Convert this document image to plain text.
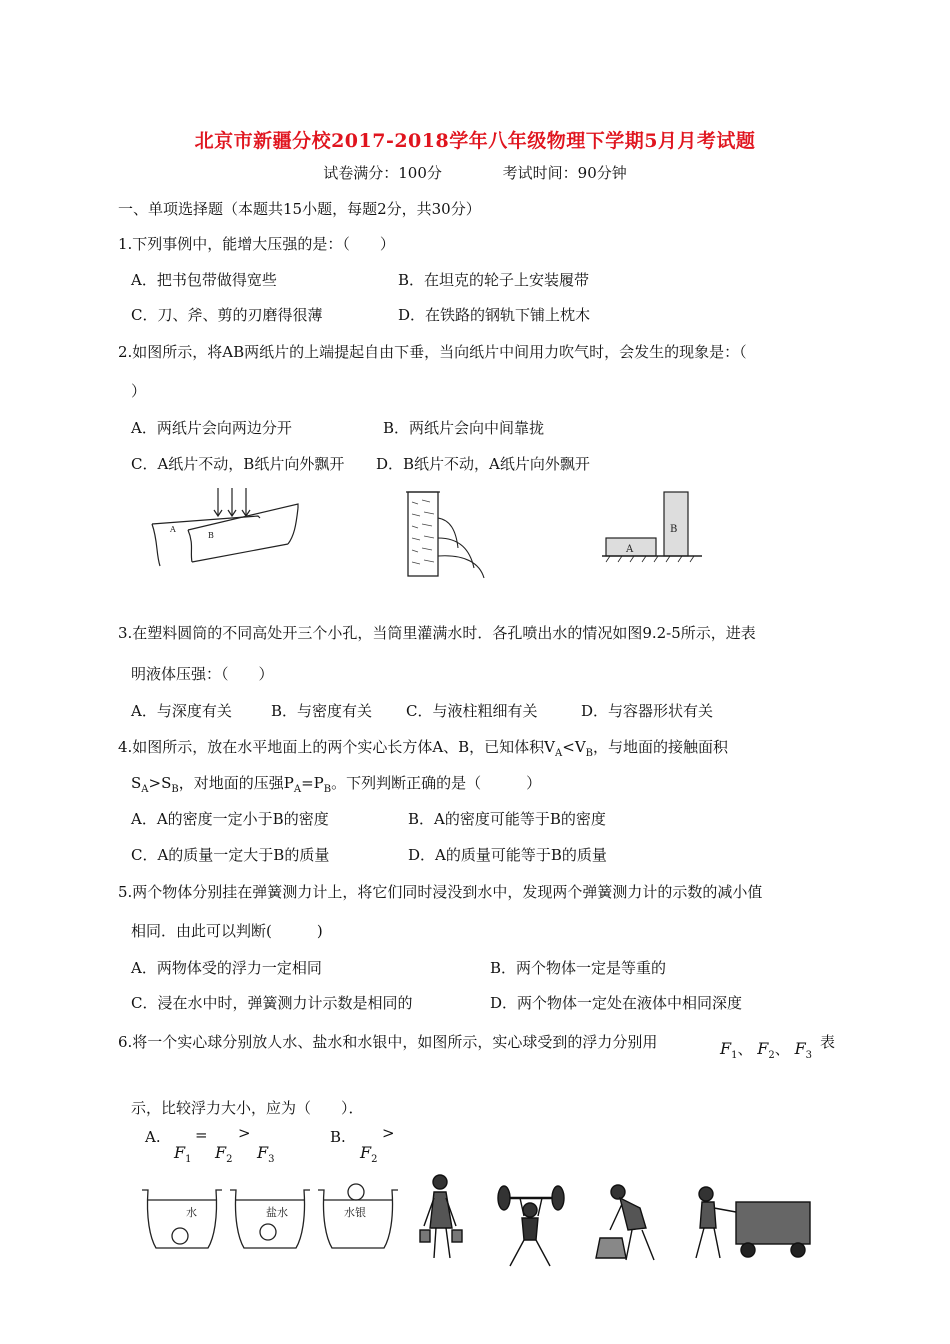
北京市新疆分校2017-2018学年八年级物理下学期5月月考试题
试卷满分：100分	考试时间：90分钟
一、单项选择题（本题共15小题，每题2分，共30分）
1.下列事例中，能增大压强的是：（　　）
A．把书包带做得宽些	B．在坦克的轮子上安装履带
C．刀、斧、剪的刃磨得很薄	D．在铁路的钢轨下铺上枕木
2.如图所示，将AB两纸片的上端提起自由下垂，当向纸片中间用力吹气时，会发生的现象是：（
）
A．两纸片会向两边分开	B．两纸片会向中间靠拢
C．A纸片不动，B纸片向外飘开 D．B纸片不动，A纸片向外飘开
A
B
A
B
3.在塑料圆筒的不同高处开三个小孔，当筒里灌满水时．各孔喷出水的情况如图9.2-5所示，进表
明液体压强：（　　）
A．与深度有关	B．与密度有关 C．与液柱粗细有关	D．与容器形状有关
4.如图所示，放在水平地面上的两个实心长方体A、B，已知体积$V_A<V_B$，与地面的接触面积
$S_A>S_B$，对地面的压强$P_A=P_B$。下列判断正确的是（　　　）
A．A的密度一定小于B的密度	B．A的密度可能等于B的密度
C．A的质量一定大于B的质量	D．A的质量可能等于B的质量
5.两个物体分别挂在弹簧测力计上，将它们同时浸没到水中，发现两个弹簧测力计的示数的减小值
相同．由此可以判断(　　　)
A．两物体受的浮力一定相同	B．两个物体一定是等重的
C．浸在水中时，弹簧测力计示数是相同的	D．两个物体一定处在液体中相同深度
6.将一个实心球分别放人水、盐水和水银中，如图所示，实心球受到的浮力分别用	$F_1$、 $F_2$、 $F_3$
表
示，比较浮力大小，应为（　　）．
A. = >
$F_1$ $F_2$ $F_3$
B. >
$F_2$
水	盐水	水银
